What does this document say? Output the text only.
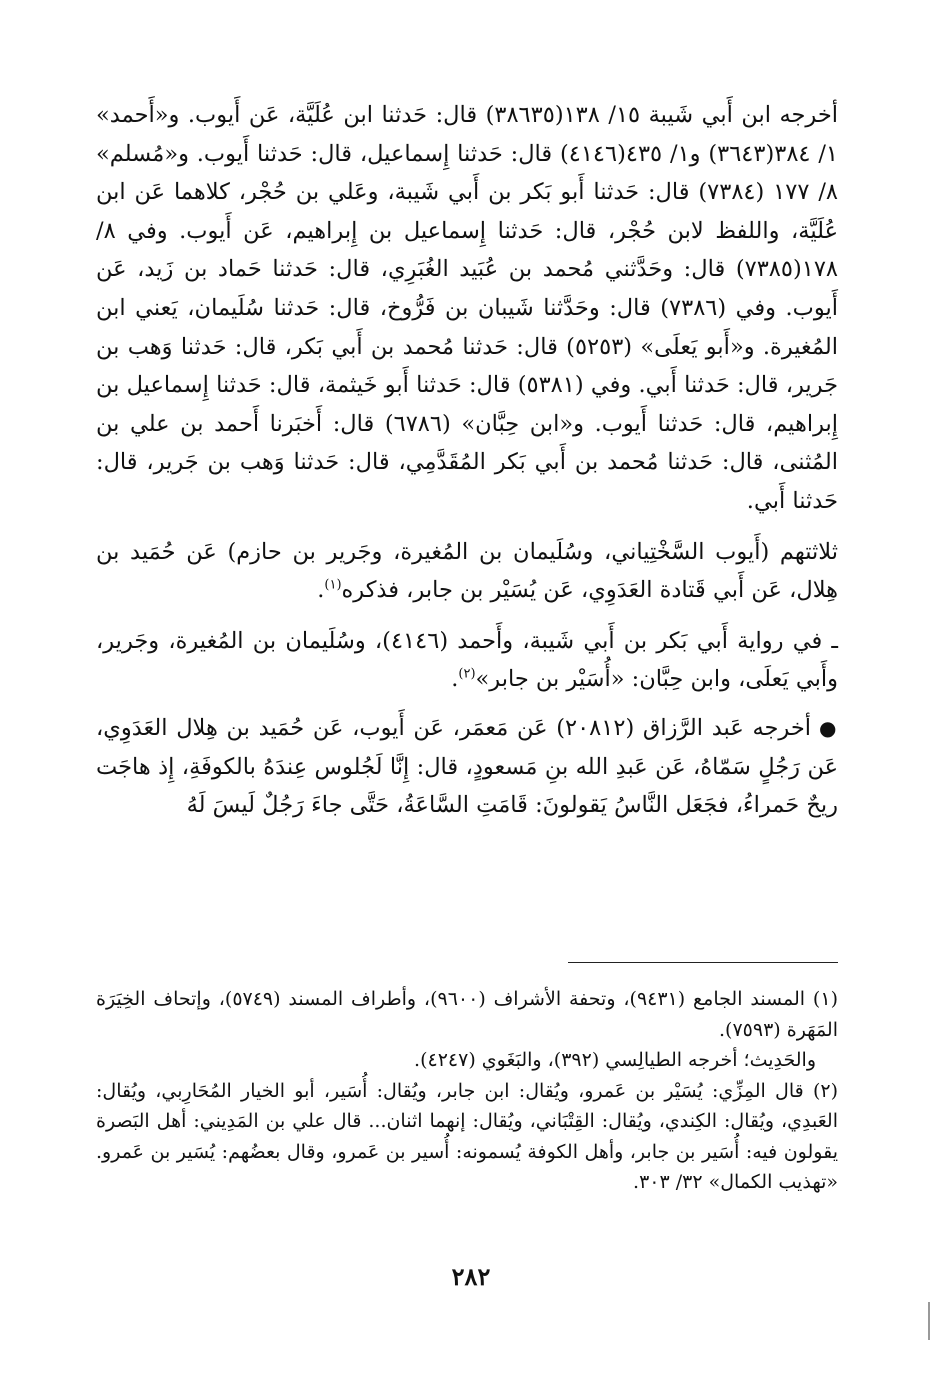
أخرجه ابن أَبي شَيبة ١٥/ ١٣٨(٣٨٦٣٥) قال: حَدثنا ابن عُلَيَّة، عَن أَيوب. و«أَحمد» ١/ ٣٨٤(٣٦٤٣) و١/ ٤٣٥(٤١٤٦) قال: حَدثنا إِسماعيل، قال: حَدثنا أَيوب. و«مُسلم» ٨/ ١٧٧ (٧٣٨٤) قال: حَدثنا أَبو بَكر بن أَبي شَيبة، وعَلي بن حُجْر، كلاهما عَن ابن عُلَيَّة، واللفظ لابن حُجْر، قال: حَدثنا إِسماعيل بن إِبراهيم، عَن أَيوب. وفي ٨/ ١٧٨(٧٣٨٥) قال: وحَدَّثني مُحمد بن عُبَيد الغُبَرِي، قال: حَدثنا حَماد بن زَيد، عَن أَيوب. وفي (٧٣٨٦) قال: وحَدَّثنا شَيبان بن فَرُّوخ، قال: حَدثنا سُلَيمان، يَعني ابن المُغيرة. و«أَبو يَعلَى» (٥٢٥٣) قال: حَدثنا مُحمد بن أَبي بَكر، قال: حَدثنا وَهب بن جَرير، قال: حَدثنا أَبي. وفي (٥٣٨١) قال: حَدثنا أَبو خَيثمة، قال: حَدثنا إِسماعيل بن إِبراهيم، قال: حَدثنا أَيوب. و«ابن حِبَّان» (٦٧٨٦) قال: أَخبَرنا أَحمد بن علي بن المُثنى، قال: حَدثنا مُحمد بن أَبي بَكر المُقَدَّمِي، قال: حَدثنا وَهب بن جَرير، قال: حَدثنا أَبي.

ثلاثتهم (أَيوب السَّخْتِياني، وسُلَيمان بن المُغيرة، وجَرير بن حازم) عَن حُمَيد بن هِلال، عَن أَبي قَتادة العَدَوِي، عَن يُسَيْر بن جابر، فذكره$^{(١)}$.

ـ في رواية أَبي بَكر بن أَبي شَيبة، وأَحمد (٤١٤٦)، وسُلَيمان بن المُغيرة، وجَرير، وأَبي يَعلَى، وابن حِبَّان: «أُسَيْر بن جابر»$^{(٢)}$.

●أخرجه عَبد الرَّزاق (٢٠٨١٢) عَن مَعمَر، عَن أَيوب، عَن حُمَيد بن هِلال العَدَوِي، عَن رَجُلٍ سَمّاهُ، عَن عَبدِ الله بنِ مَسعودٍ، قال: إِنَّا لَجُلوس عِندَهُ بالكوفَةِ، إِذ هاجَت ريحٌ حَمراءُ، فجَعَل النَّاسُ يَقولونَ: قَامَتِ السَّاعَةُ، حَتَّى جاءَ رَجُلٌ لَيسَ لَهُ

(١) المسند الجامع (٩٤٣١)، وتحفة الأشراف (٩٦٠٠)، وأطراف المسند (٥٧٤٩)، وإتحاف الخِيَرَة المَهَرة (٧٥٩٣).

والحَدِيث؛ أخرجه الطيالِسي (٣٩٢)، والبَغَوي (٤٢٤٧).

(٢) قال المِزِّي: يُسَيْر بن عَمرو، ويُقال: ابن جابر، ويُقال: أُسَير، أبو الخيار المُحَارِبي، ويُقال: العَبدِي، ويُقال: الكِندي، ويُقال: القِتْبَاني، ويُقال: إنهما اثنان... قال علي بن المَدِيني: أهل البَصرة يقولون فيه: أُسَير بن جابر، وأهل الكوفة يُسمونه: أُسير بن عَمرو، وقال بعضُهم: يُسَير بن عَمرو. «تهذيب الكمال» ٣٢/ ٣٠٣.

٢٨٢
